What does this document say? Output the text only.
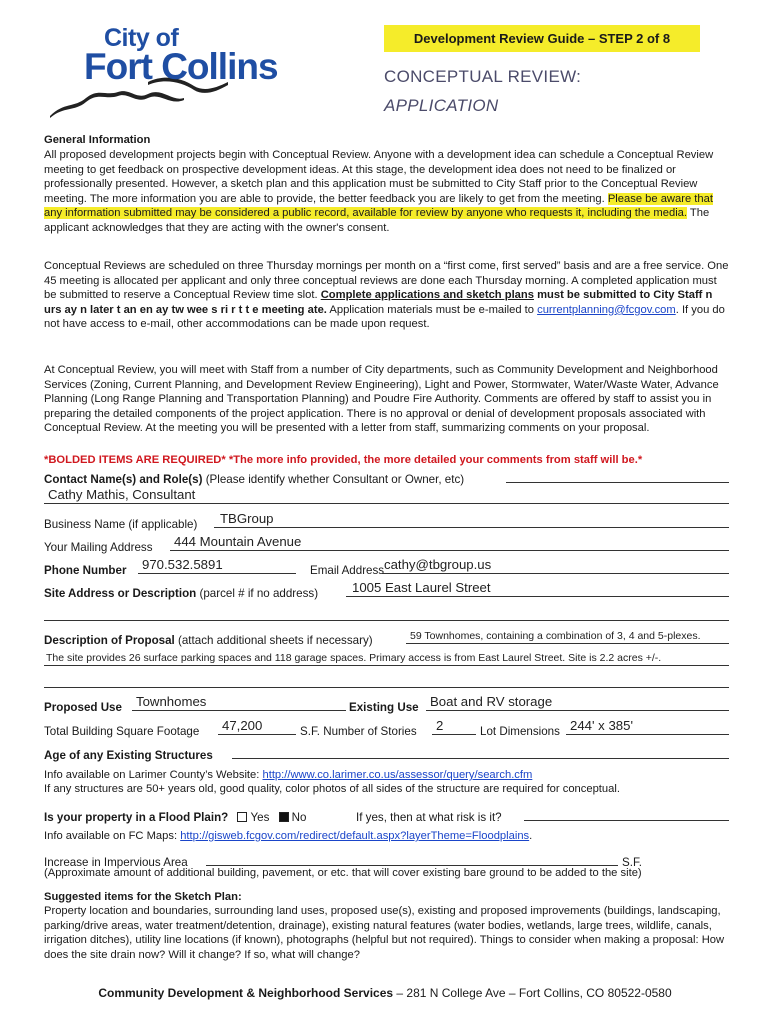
City of
Fort Collins
Development Review Guide – STEP 2 of 8
CONCEPTUAL REVIEW:
APPLICATION
General Information
All proposed development projects begin with Conceptual Review. Anyone with a development idea can schedule a Conceptual Review meeting to get feedback on prospective development ideas. At this stage, the development idea does not need to be finalized or professionally presented. However, a sketch plan and this application must be submitted to City Staff prior to the Conceptual Review meeting. The more information you are able to provide, the better feedback you are likely to get from the meeting. Please be aware that any information submitted may be considered a public record, available for review by anyone who requests it, including the media. The applicant acknowledges that they are acting with the owner's consent.
Conceptual Reviews are scheduled on three Thursday mornings per month on a “first come, first served” basis and are a free service. One 45 meeting is allocated per applicant and only three conceptual reviews are done each Thursday morning. A completed application must be submitted to reserve a Conceptual Review time slot. Complete applications and sketch plans must be submitted to City Staff n urs ay n later t an en ay tw wee s ri r t t e meeting ate. Application materials must be e-mailed to currentplanning@fcgov.com. If you do not have access to e-mail, other accommodations can be made upon request.
At Conceptual Review, you will meet with Staff from a number of City departments, such as Community Development and Neighborhood Services (Zoning, Current Planning, and Development Review Engineering), Light and Power, Stormwater, Water/Waste Water, Advance Planning (Long Range Planning and Transportation Planning) and Poudre Fire Authority. Comments are offered by staff to assist you in preparing the detailed components of the project application. There is no approval or denial of development proposals associated with Conceptual Review. At the meeting you will be presented with a letter from staff, summarizing comments on your proposal.
*BOLDED ITEMS ARE REQUIRED* *The more info provided, the more detailed your comments from staff will be.*
Contact Name(s) and Role(s) (Please identify whether Consultant or Owner, etc)
Cathy Mathis, Consultant
Business Name (if applicable) TBGroup
Your Mailing Address 444 Mountain Avenue
Phone Number 970.532.5891	Email Address cathy@tbgroup.us
Site Address or Description (parcel # if no address)	1005 East Laurel Street
Description of Proposal (attach additional sheets if necessary)	59 Townhomes, containing a combination of 3, 4 and 5-plexes.
The site provides 26 surface parking spaces and 118 garage spaces. Primary access is from East Laurel Street. Site is 2.2 acres +/-.
Proposed Use Townhomes	Existing Use Boat and RV storage
Total Building Square Footage 47,200	S.F. Number of Stories 2	Lot Dimensions 244' x 385'
Age of any Existing Structures
Info available on Larimer County’s Website: http://www.co.larimer.co.us/assessor/query/search.cfm
If any structures are 50+ years old, good quality, color photos of all sides of the structure are required for conceptual.
Is your property in a Flood Plain? Yes No	If yes, then at what risk is it?
Info available on FC Maps: http://gisweb.fcgov.com/redirect/default.aspx?layerTheme=Floodplains.
Increase in Impervious Area	S.F.
(Approximate amount of additional building, pavement, or etc. that will cover existing bare ground to be added to the site)
Suggested items for the Sketch Plan:
Property location and boundaries, surrounding land uses, proposed use(s), existing and proposed improvements (buildings, landscaping, parking/drive areas, water treatment/detention, drainage), existing natural features (water bodies, wetlands, large trees, wildlife, canals, irrigation ditches), utility line locations (if known), photographs (helpful but not required). Things to consider when making a proposal: How does the site drain now? Will it change? If so, what will change?
Community Development & Neighborhood Services – 281 N College Ave – Fort Collins, CO 80522-0580
